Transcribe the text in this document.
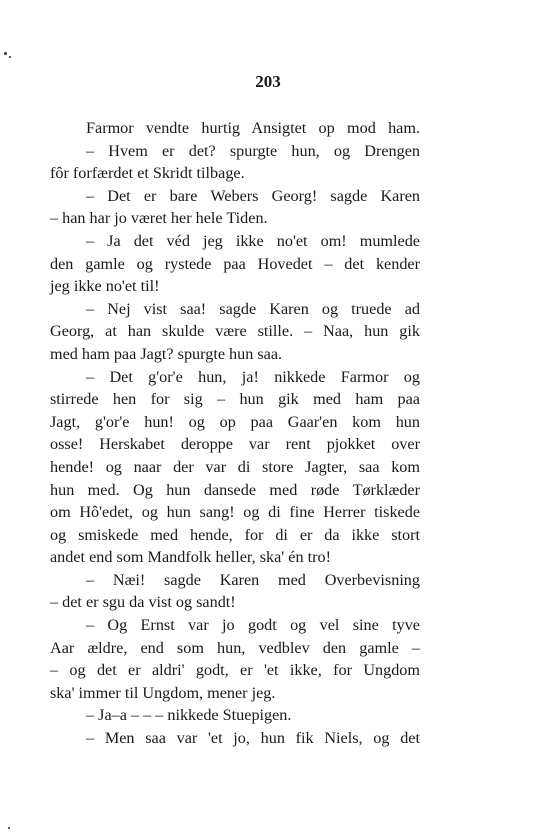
203
Farmor vendte hurtig Ansigtet op mod ham.
– Hvem er det? spurgte hun, og Drengen
fôr forfærdet et Skridt tilbage.
– Det er bare Webers Georg! sagde Karen
– han har jo været her hele Tiden.
– Ja det véd jeg ikke no'et om! mumlede
den gamle og rystede paa Hovedet – det kender
jeg ikke no'et til!
– Nej vist saa! sagde Karen og truede ad
Georg, at han skulde være stille. – Naa, hun gik
med ham paa Jagt? spurgte hun saa.
– Det g'or'e hun, ja! nikkede Farmor og
stirrede hen for sig – hun gik med ham paa
Jagt, g'or'e hun! og op paa Gaar'en kom hun
osse! Herskabet deroppe var rent pjokket over
hende! og naar der var di store Jagter, saa kom
hun med. Og hun dansede med røde Tørklæder
om Hô'edet, og hun sang! og di fine Herrer tiskede
og smiskede med hende, for di er da ikke stort
andet end som Mandfolk heller, ska' én tro!
– Næi! sagde Karen med Overbevisning
– det er sgu da vist og sandt!
– Og Ernst var jo godt og vel sine tyve
Aar ældre, end som hun, vedblev den gamle –
– og det er aldri' godt, er 'et ikke, for Ungdom
ska' immer til Ungdom, mener jeg.
– Ja–a – – – nikkede Stuepigen.
– Men saa var 'et jo, hun fik Niels, og det
